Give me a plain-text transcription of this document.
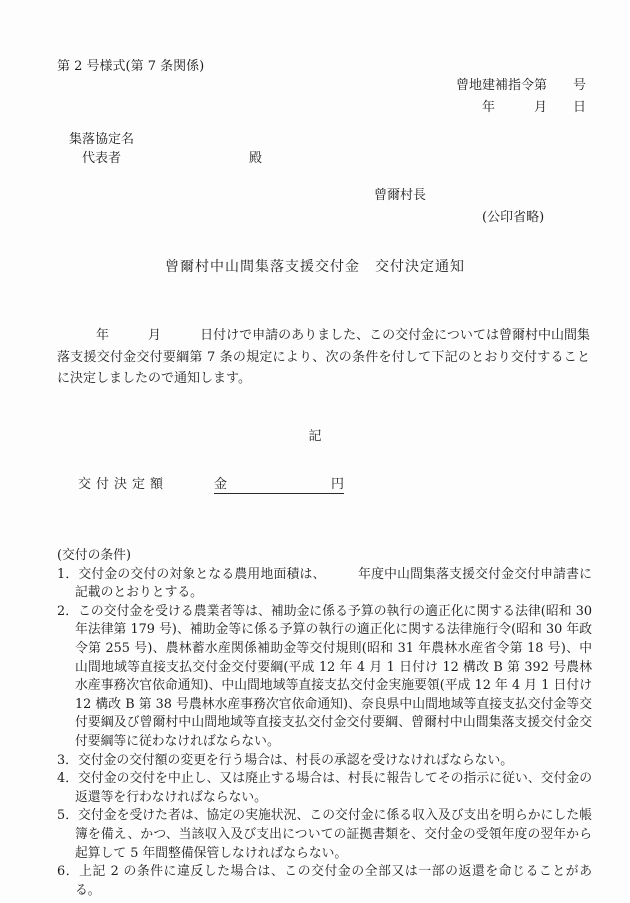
第 2 号様式(第 7 条関係)
曾地建補指令第　　号
年　　　月　　日
集落協定名
代表者	殿
曾爾村長
(公印省略)
曾爾村中山間集落支援交付金　交付決定通知
　　　年　　　月　　　日付けで申請のありました、この交付金については曾爾村中山間集落支援交付金交付要綱第 7 条の規定により、次の条件を付して下記のとおり交付することに決定しましたので通知します。
記
交付決定額	金	円
(交付の条件)
1．交付金の交付の対象となる農用地面積は、　　　年度中山間集落支援交付金交付申請書に記載のとおりとする。
2．この交付金を受ける農業者等は、補助金に係る予算の執行の適正化に関する法律(昭和 30 年法律第 179 号)、補助金等に係る予算の執行の適正化に関する法律施行令(昭和 30 年政令第 255 号)、農林蓄水産関係補助金等交付規則(昭和 31 年農林水産省令第 18 号)、中山間地域等直接支払交付金交付要綱(平成 12 年 4 月 1 日付け 12 構改 B 第 392 号農林水産事務次官依命通知)、中山間地域等直接支払交付金実施要領(平成 12 年 4 月 1 日付け 12 構改 B 第 38 号農林水産事務次官依命通知)、奈良県中山間地域等直接支払交付金等交付要綱及び曾爾村中山間地域等直接支払交付金交付要綱、曾爾村中山間集落支援交付金交付要綱等に従わなければならない。
3．交付金の交付額の変更を行う場合は、村長の承認を受けなければならない。
4．交付金の交付を中止し、又は廃止する場合は、村長に報告してその指示に従い、交付金の返還等を行わなければならない。
5．交付金を受けた者は、協定の実施状況、この交付金に係る収入及び支出を明らかにした帳簿を備え、かつ、当該収入及び支出についての証拠書類を、交付金の受領年度の翌年から起算して 5 年間整備保管しなければならない。
6．上記 2 の条件に違反した場合は、この交付金の全部又は一部の返還を命じることがある。
